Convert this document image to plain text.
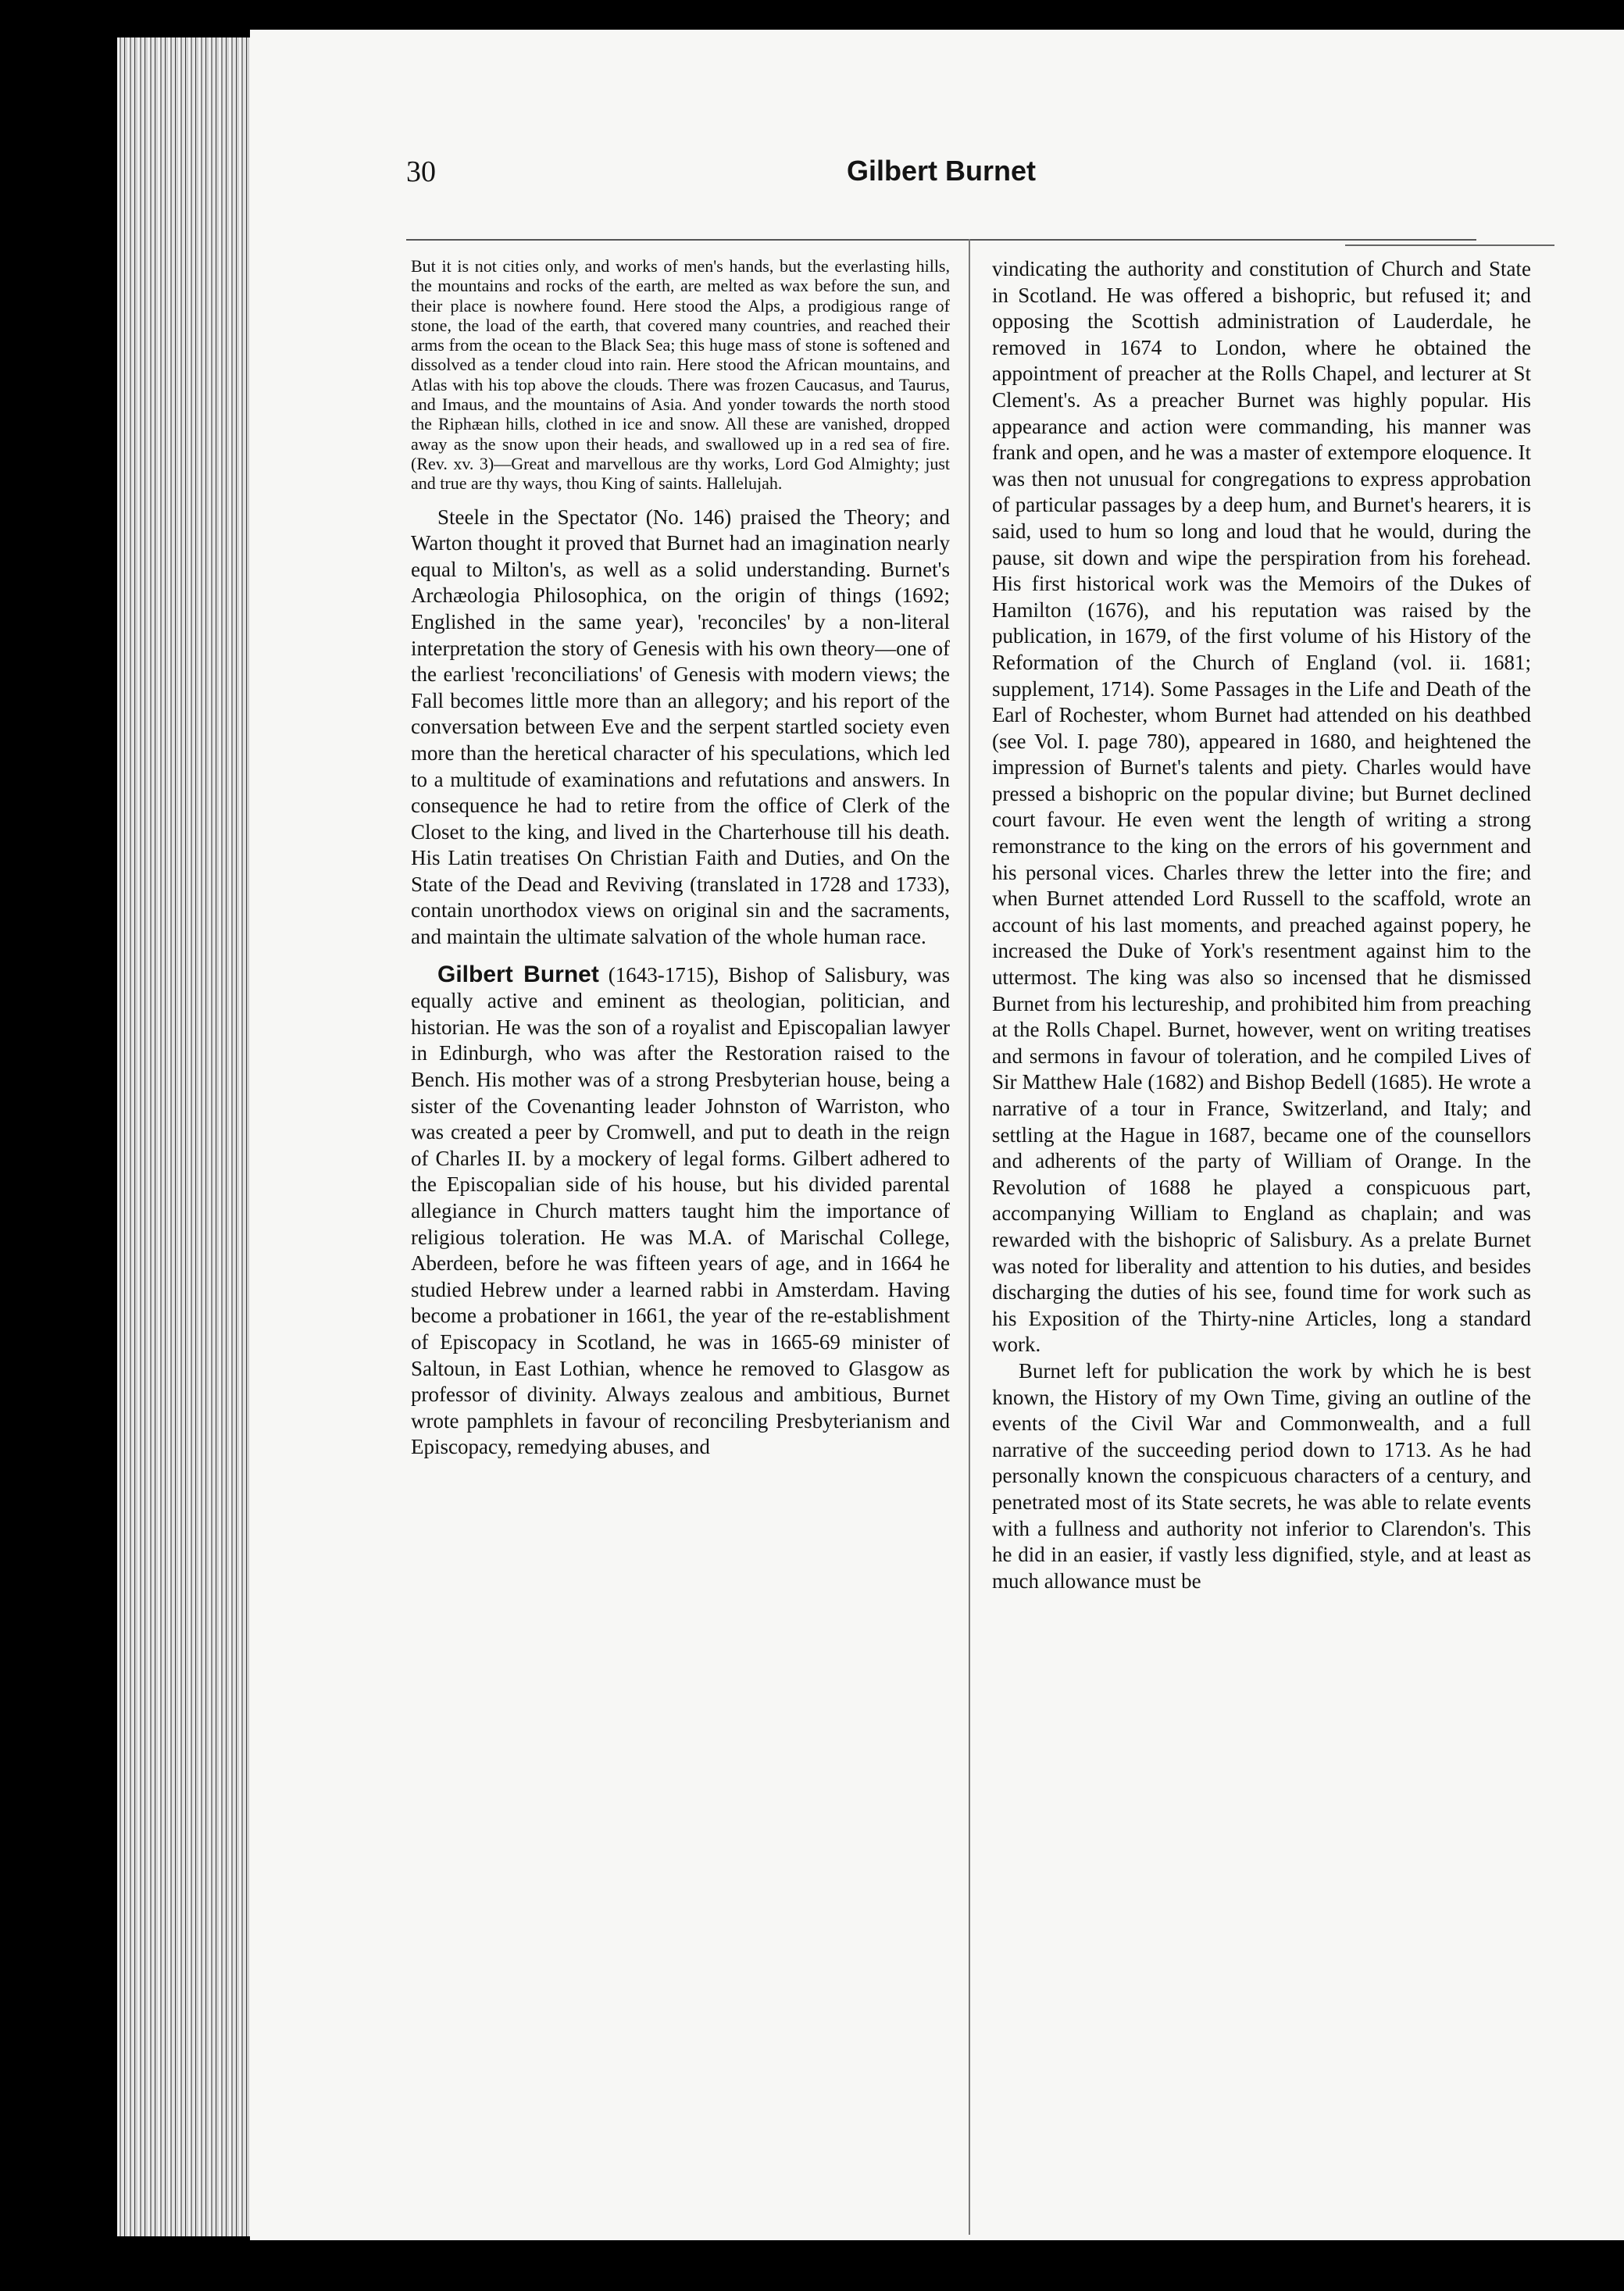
30	Gilbert Burnet

But it is not cities only, and works of men's hands, but the everlasting hills, the mountains and rocks of the earth, are melted as wax before the sun, and their place is nowhere found. Here stood the Alps, a prodigious range of stone, the load of the earth, that covered many countries, and reached their arms from the ocean to the Black Sea; this huge mass of stone is softened and dissolved as a tender cloud into rain. Here stood the African mountains, and Atlas with his top above the clouds. There was frozen Caucasus, and Taurus, and Imaus, and the mountains of Asia. And yonder towards the north stood the Riphæan hills, clothed in ice and snow. All these are vanished, dropped away as the snow upon their heads, and swallowed up in a red sea of fire. (Rev. xv. 3)—Great and marvellous are thy works, Lord God Almighty; just and true are thy ways, thou King of saints. Hallelujah.

Steele in the Spectator (No. 146) praised the Theory; and Warton thought it proved that Burnet had an imagination nearly equal to Milton's, as well as a solid understanding. Burnet's Archæologia Philosophica, on the origin of things (1692; Englished in the same year), 'reconciles' by a non-literal interpretation the story of Genesis with his own theory—one of the earliest 'reconciliations' of Genesis with modern views; the Fall becomes little more than an allegory; and his report of the conversation between Eve and the serpent startled society even more than the heretical character of his speculations, which led to a multitude of examinations and refutations and answers. In consequence he had to retire from the office of Clerk of the Closet to the king, and lived in the Charterhouse till his death. His Latin treatises On Christian Faith and Duties, and On the State of the Dead and Reviving (translated in 1728 and 1733), contain unorthodox views on original sin and the sacraments, and maintain the ultimate salvation of the whole human race.

Gilbert Burnet (1643-1715), Bishop of Salisbury, was equally active and eminent as theologian, politician, and historian. He was the son of a royalist and Episcopalian lawyer in Edinburgh, who was after the Restoration raised to the Bench. His mother was of a strong Presbyterian house, being a sister of the Covenanting leader Johnston of Warriston, who was created a peer by Cromwell, and put to death in the reign of Charles II. by a mockery of legal forms. Gilbert adhered to the Episcopalian side of his house, but his divided parental allegiance in Church matters taught him the importance of religious toleration. He was M.A. of Marischal College, Aberdeen, before he was fifteen years of age, and in 1664 he studied Hebrew under a learned rabbi in Amsterdam. Having become a probationer in 1661, the year of the re-establishment of Episcopacy in Scotland, he was in 1665-69 minister of Saltoun, in East Lothian, whence he removed to Glasgow as professor of divinity. Always zealous and ambitious, Burnet wrote pamphlets in favour of reconciling Presbyterianism and Episcopacy, remedying abuses, and

vindicating the authority and constitution of Church and State in Scotland. He was offered a bishopric, but refused it; and opposing the Scottish administration of Lauderdale, he removed in 1674 to London, where he obtained the appointment of preacher at the Rolls Chapel, and lecturer at St Clement's. As a preacher Burnet was highly popular. His appearance and action were commanding, his manner was frank and open, and he was a master of extempore eloquence. It was then not unusual for congregations to express approbation of particular passages by a deep hum, and Burnet's hearers, it is said, used to hum so long and loud that he would, during the pause, sit down and wipe the perspiration from his forehead. His first historical work was the Memoirs of the Dukes of Hamilton (1676), and his reputation was raised by the publication, in 1679, of the first volume of his History of the Reformation of the Church of England (vol. ii. 1681; supplement, 1714). Some Passages in the Life and Death of the Earl of Rochester, whom Burnet had attended on his deathbed (see Vol. I. page 780), appeared in 1680, and heightened the impression of Burnet's talents and piety. Charles would have pressed a bishopric on the popular divine; but Burnet declined court favour. He even went the length of writing a strong remonstrance to the king on the errors of his government and his personal vices. Charles threw the letter into the fire; and when Burnet attended Lord Russell to the scaffold, wrote an account of his last moments, and preached against popery, he increased the Duke of York's resentment against him to the uttermost. The king was also so incensed that he dismissed Burnet from his lectureship, and prohibited him from preaching at the Rolls Chapel. Burnet, however, went on writing treatises and sermons in favour of toleration, and he compiled Lives of Sir Matthew Hale (1682) and Bishop Bedell (1685). He wrote a narrative of a tour in France, Switzerland, and Italy; and settling at the Hague in 1687, became one of the counsellors and adherents of the party of William of Orange. In the Revolution of 1688 he played a conspicuous part, accompanying William to England as chaplain; and was rewarded with the bishopric of Salisbury. As a prelate Burnet was noted for liberality and attention to his duties, and besides discharging the duties of his see, found time for work such as his Exposition of the Thirty-nine Articles, long a standard work.

Burnet left for publication the work by which he is best known, the History of my Own Time, giving an outline of the events of the Civil War and Commonwealth, and a full narrative of the succeeding period down to 1713. As he had personally known the conspicuous characters of a century, and penetrated most of its State secrets, he was able to relate events with a fullness and authority not inferior to Clarendon's. This he did in an easier, if vastly less dignified, style, and at least as much allowance must be
